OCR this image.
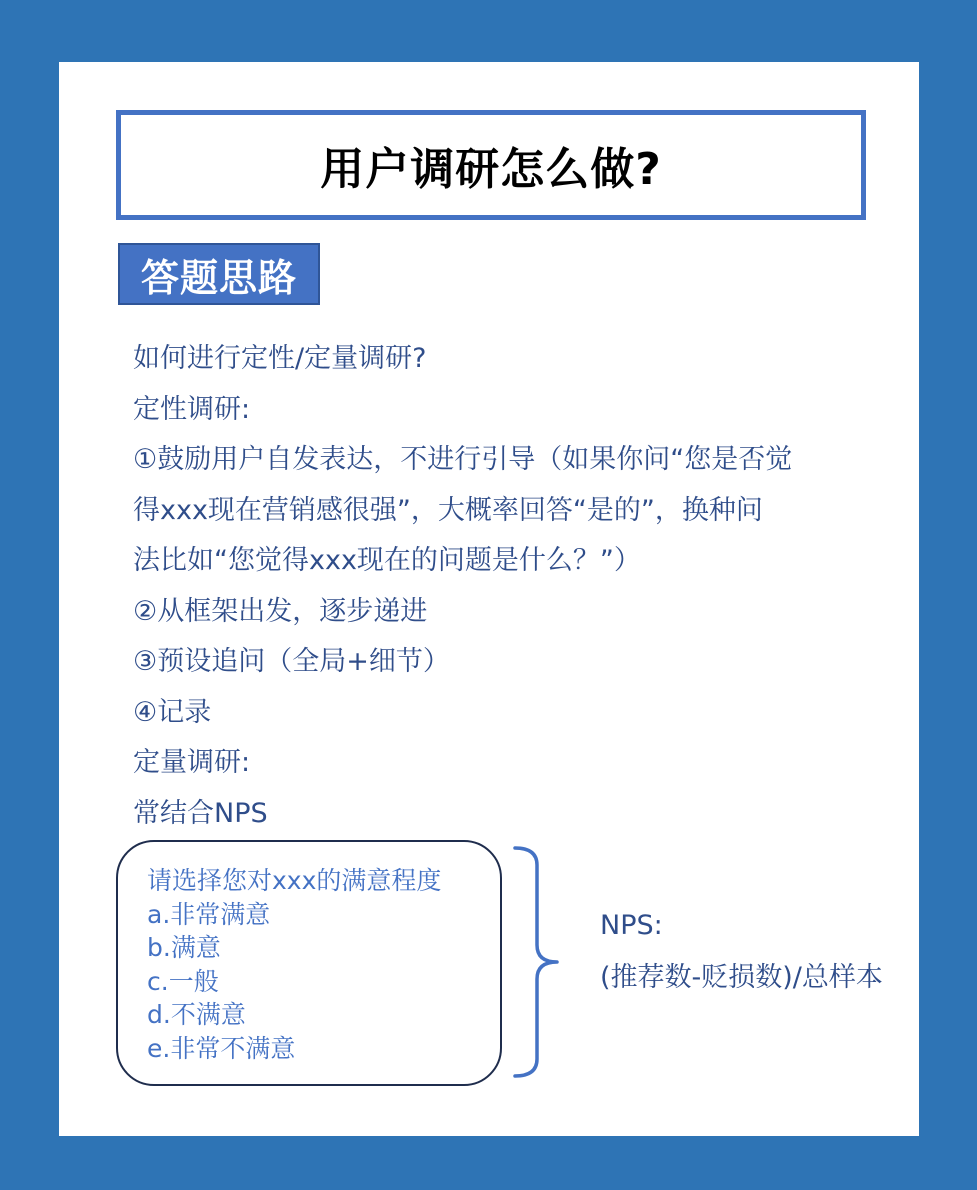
用户调研怎么做?
答题思路
如何进行定性/定量调研?
定性调研:
①鼓励用户自发表达，不进行引导（如果你问“您是否觉
得xxx现在营销感很强”，大概率回答“是的”，换种问
法比如“您觉得xxx现在的问题是什么？”）
②从框架出发，逐步递进
③预设追问（全局+细节）
④记录
定量调研:
常结合NPS
请选择您对xxx的满意程度
a.非常满意
b.满意
c.一般
d.不满意
e.非常不满意
NPS:
(推荐数-贬损数)/总样本
